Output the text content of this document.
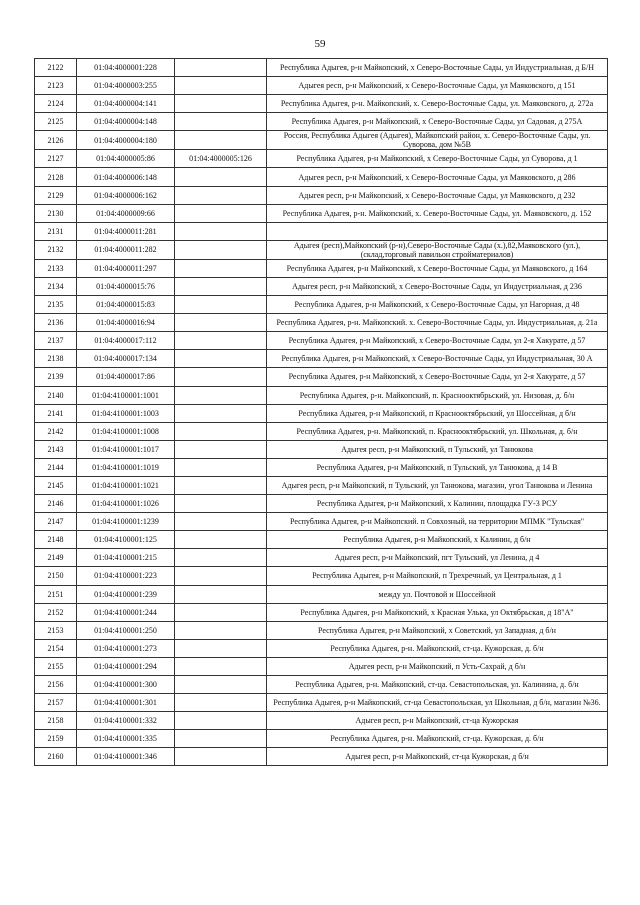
59
2122	01:04:4000001:228		Республика Адыгея, р-н Майкопский, х Северо-Восточные Сады, ул Индустриальная, д Б/Н
2123	01:04:4000003:255		Адыгея респ, р-н Майкопский, х Северо-Восточные Сады, ул Маяковского, д 151
2124	01:04:4000004:141		Республика Адыгея, р-н. Майкопский, х. Северо-Восточные Сады, ул. Маяковского, д. 272а
2125	01:04:4000004:148		Республика Адыгея, р-н Майкопский, х Северо-Восточные Сады, ул Садовая, д 275А
2126	01:04:4000004:180		Россия, Республика Адыгея (Адыгея), Майкопский район, х. Северо-Восточные Сады, ул. Суворова, дом №5В
2127	01:04:4000005:86	01:04:4000005:126	Республика Адыгея, р-н Майкопский, х Северо-Восточные Сады, ул Суворова, д 1
2128	01:04:4000006:148		Адыгея респ, р-н Майкопский, х Северо-Восточные Сады, ул Маяковского, д 286
2129	01:04:4000006:162		Адыгея респ, р-н Майкопский, х Северо-Восточные Сады, ул Маяковского, д 232
2130	01:04:4000009:66		Республика Адыгея, р-н. Майкопский, х. Северо-Восточные Сады, ул. Маяковского, д. 152
2131	01:04:4000011:281		
2132	01:04:4000011:282		Адыгея (респ),Майкопский (р-н),Северо-Восточные Сады (х.),82,Маяковского (ул.),(склад,торговый павильон стройматериалов)
2133	01:04:4000011:297		Республика Адыгея, р-н Майкопский, х Северо-Восточные Сады, ул Маяковского, д 164
2134	01:04:4000015:76		Адыгея респ, р-н Майкопский, х Северо-Восточные Сады, ул Индустриальная, д 236
2135	01:04:4000015:83		Республика Адыгея, р-н Майкопский, х Северо-Восточные Сады, ул Нагорная, д 48
2136	01:04:4000016:94		Республика Адыгея, р-н. Майкопский. х. Северо-Восточные Сады, ул. Индустриальная, д. 21а
2137	01:04:4000017:112		Республика Адыгея, р-н Майкопский, х Северо-Восточные Сады, ул 2-я Хакурате, д 57
2138	01:04:4000017:134		Республика Адыгея, р-н Майкопский, х Северо-Восточные Сады, ул Индустриальная, 30 А
2139	01:04:4000017:86		Республика Адыгея, р-н Майкопский, х Северо-Восточные Сады, ул 2-я Хакурате, д 57
2140	01:04:4100001:1001		Республика Адыгея, р-н. Майкопский, п. Краснооктябрьский, ул. Низовая, д. б/н
2141	01:04:4100001:1003		Республика Адыгея, р-н Майкопский, п Краснооктябрьский, ул Шоссейная, д б/н
2142	01:04:4100001:1008		Республика Адыгея, р-н. Майкопский, п. Краснооктябрьский, ул. Школьная, д. б/н
2143	01:04:4100001:1017		Адыгея респ, р-н Майкопский, п Тульский, ул Танюкова
2144	01:04:4100001:1019		Республика Адыгея, р-н Майкопский, п Тульский, ул Танюкова, д 14 В
2145	01:04:4100001:1021		Адыгея респ, р-н Майкопский, п Тульский, ул Танюкова, магазин, угол Танюкова и Ленина
2146	01:04:4100001:1026		Республика Адыгея, р-н Майкопский, х Калинин, площадка ГУ-3 РСУ
2147	01:04:4100001:1239		Республика Адыгея, р-н Майкопский. п Совхозный, на территории МПМК "Тульская"
2148	01:04:4100001:125		Республика Адыгея, р-н Майкопский, х Калинин, д б/н
2149	01:04:4100001:215		Адыгея респ, р-н Майкопский, пгт Тульский, ул Ленина, д 4
2150	01:04:4100001:223		Республика Адыгея, р-н Майкопский, п Трехречный, ул Центральная, д 1
2151	01:04:4100001:239		между ул. Почтовой и Шоссейной
2152	01:04:4100001:244		Республика Адыгея, р-н Майкопский, х Красная Улька, ул Октябрьская, д 18"А"
2153	01:04:4100001:250		Республика Адыгея, р-н Майкопский, х Советский, ул Западная, д б/н
2154	01:04:4100001:273		Республика Адыгея, р-н. Майкопский, ст-ца. Кужорская, д. б/н
2155	01:04:4100001:294		Адыгея респ, р-н Майкопский, п Усть-Сахрай, д б/н
2156	01:04:4100001:300		Республика Адыгея, р-н. Майкопский, ст-ца. Севастопольская, ул. Калинина, д. б/н
2157	01:04:4100001:301		Республика Адыгея, р-н Майкопский, ст-ца Севастопольская, ул Школьная, д б/н, магазин №36.
2158	01:04:4100001:332		Адыгея респ, р-н Майкопский, ст-ца Кужорская
2159	01:04:4100001:335		Республика Адыгея, р-н. Майкопский, ст-ца. Кужорская, д. б/н
2160	01:04:4100001:346		Адыгея респ, р-н Майкопский, ст-ца Кужорская, д б/н
